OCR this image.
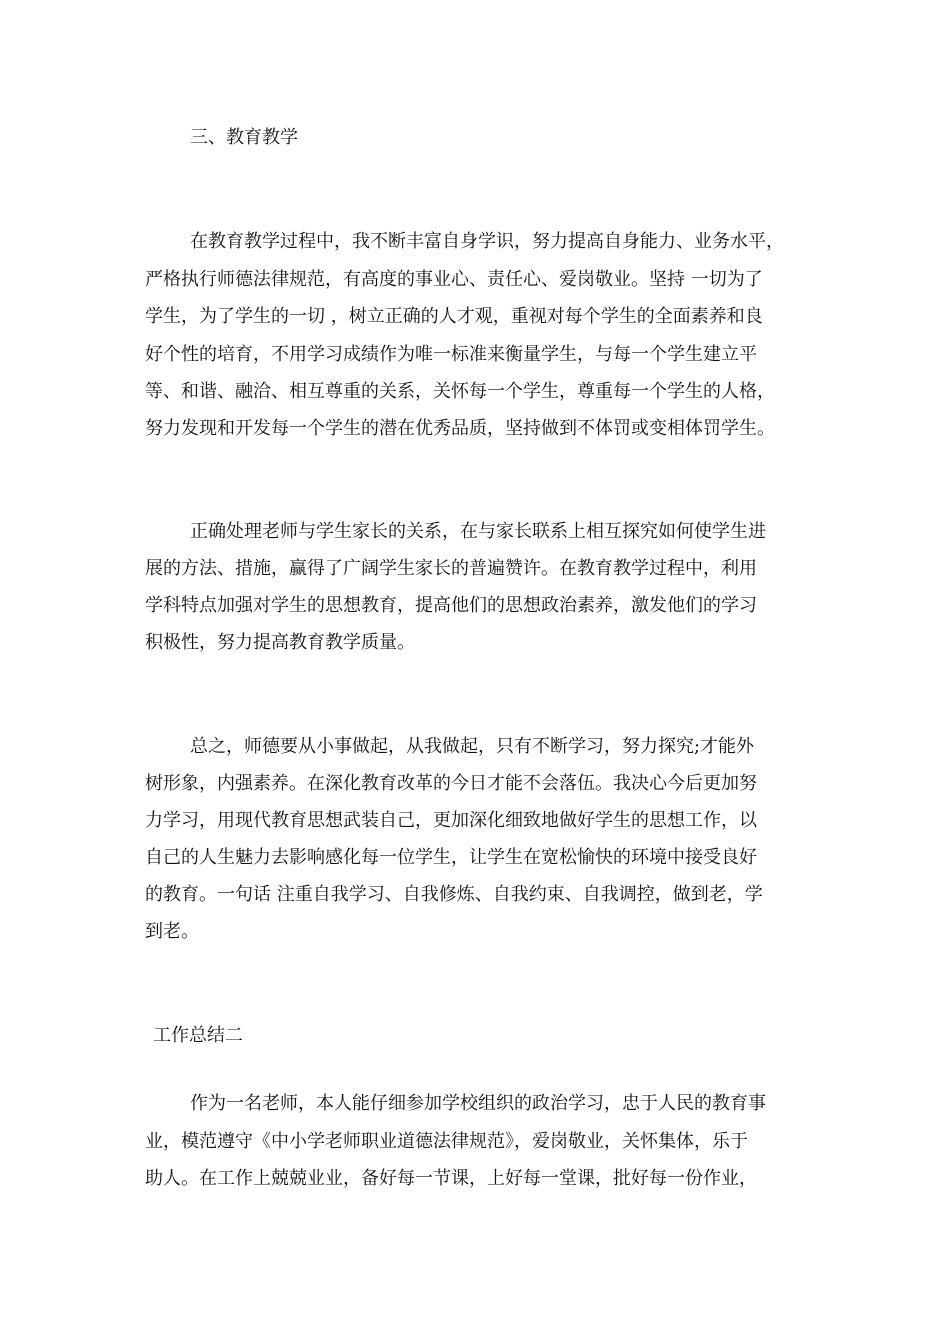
三、教育教学

在教育教学过程中，我不断丰富自身学识，努力提高自身能力、业务水平，

严格执行师德法律规范，有高度的事业心、责任心、爱岗敬业。坚持 一切为了

学生，为了学生的一切 ，树立正确的人才观，重视对每个学生的全面素养和良

好个性的培育，不用学习成绩作为唯一标准来衡量学生，与每一个学生建立平

等、和谐、融洽、相互尊重的关系，关怀每一个学生，尊重每一个学生的人格，

努力发现和开发每一个学生的潜在优秀品质，坚持做到不体罚或变相体罚学生。

正确处理老师与学生家长的关系，在与家长联系上相互探究如何使学生进

展的方法、措施，赢得了广阔学生家长的普遍赞许。在教育教学过程中，利用

学科特点加强对学生的思想教育，提高他们的思想政治素养，激发他们的学习

积极性，努力提高教育教学质量。

总之，师德要从小事做起，从我做起，只有不断学习，努力探究;才能外

树形象，内强素养。在深化教育改革的今日才能不会落伍。我决心今后更加努

力学习，用现代教育思想武装自己，更加深化细致地做好学生的思想工作，以

自己的人生魅力去影响感化每一位学生，让学生在宽松愉快的环境中接受良好

的教育。一句话 注重自我学习、自我修炼、自我约束、自我调控，做到老，学

到老。

工作总结二

作为一名老师，本人能仔细参加学校组织的政治学习，忠于人民的教育事

业，模范遵守《中小学老师职业道德法律规范》，爱岗敬业，关怀集体，乐于

助人。在工作上兢兢业业，备好每一节课，上好每一堂课，批好每一份作业，
